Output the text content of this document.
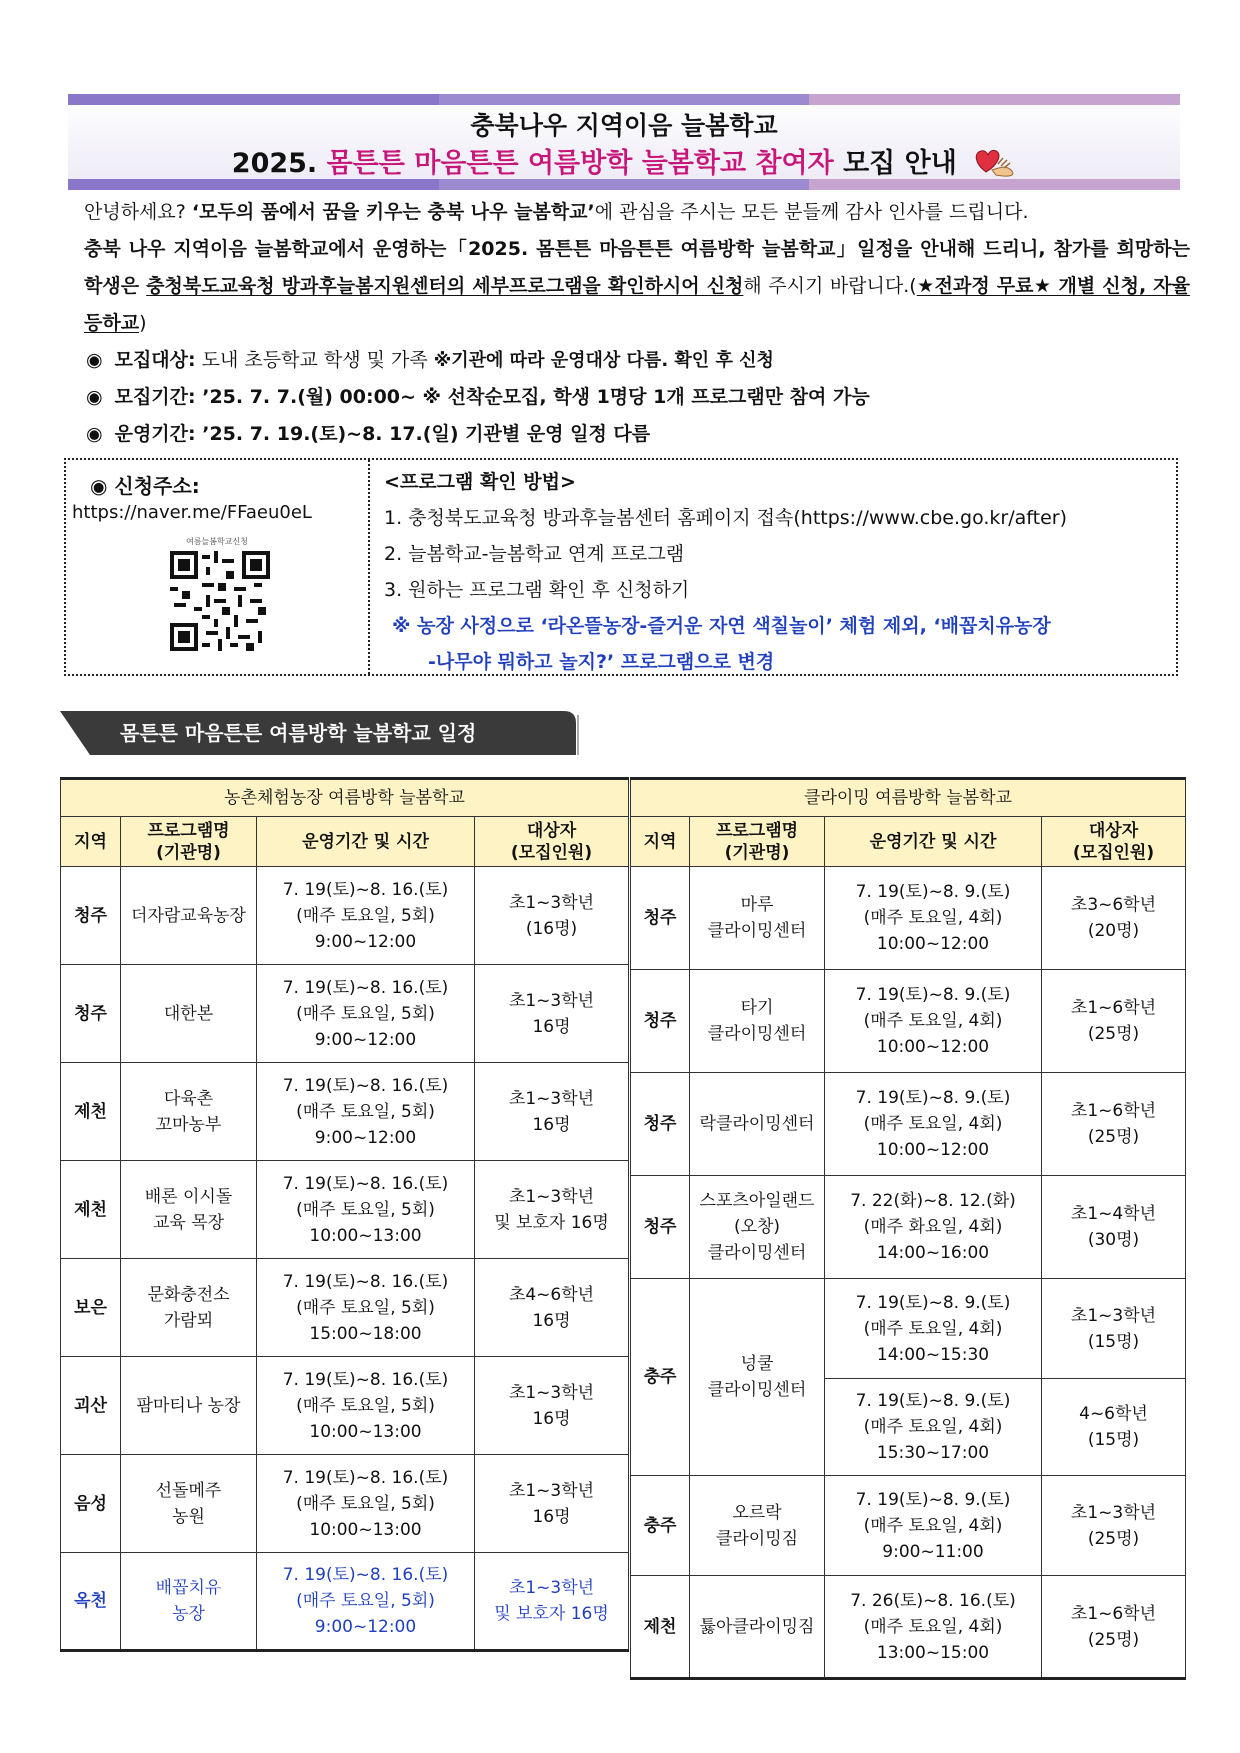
충북나우 지역이음 늘봄학교
2025. 몸튼튼 마음튼튼 여름방학 늘봄학교 참여자 모집 안내

안녕하세요? ‘모두의 품에서 꿈을 키우는 충북 나우 늘봄학교’에 관심을 주시는 모든 분들께 감사 인사를 드립니다.

충북 나우 지역이음 늘봄학교에서 운영하는「2025. 몸튼튼 마음튼튼 여름방학 늘봄학교」일정을 안내해 드리니, 참가를 희망하는 학생은 충청북도교육청 방과후늘봄지원센터의 세부프로그램을 확인하시어 신청해 주시기 바랍니다.(★전과정 무료★ 개별 신청, 자율 등하교)

◉ 모집대상: 도내 초등학교 학생 및 가족 ※기관에 따라 운영대상 다름. 확인 후 신청
◉ 모집기간: ’25. 7. 7.(월) 00:00~ ※ 선착순모집, 학생 1명당 1개 프로그램만 참여 가능
◉ 운영기간: ’25. 7. 19.(토)~8. 17.(일) 기관별 운영 일정 다름
◉ 신청주소:
https://naver.me/FFaeu0eL
여름늘봄학교신청
<프로그램 확인 방법>
1. 충청북도교육청 방과후늘봄센터 홈페이지 접속(https://www.cbe.go.kr/after)
2. 늘봄학교-늘봄학교 연계 프로그램
3. 원하는 프로그램 확인 후 신청하기
※ 농장 사정으로 ‘라온뜰농장-즐거운 자연 색칠놀이’ 체험 제외, ‘배꼽치유농장
-나무야 뭐하고 놀지?’ 프로그램으로 변경
몸튼튼 마음튼튼 여름방학 늘봄학교 일정
농촌체험농장 여름방학 늘봄학교			
지역	프로그램명
(기관명)	운영기간 및 시간	대상자
(모집인원)
청주	더자람교육농장	7. 19(토)~8. 16.(토)
(매주 토요일, 5회)
9:00~12:00	초1~3학년
(16명)
청주	대한본	7. 19(토)~8. 16.(토)
(매주 토요일, 5회)
9:00~12:00	초1~3학년
16명
제천	다육촌
꼬마농부	7. 19(토)~8. 16.(토)
(매주 토요일, 5회)
9:00~12:00	초1~3학년
16명
제천	배론 이시돌
교육 목장	7. 19(토)~8. 16.(토)
(매주 토요일, 5회)
10:00~13:00	초1~3학년
및 보호자 16명
보은	문화충전소
가람뫼	7. 19(토)~8. 16.(토)
(매주 토요일, 5회)
15:00~18:00	초4~6학년
16명
괴산	팜마티나 농장	7. 19(토)~8. 16.(토)
(매주 토요일, 5회)
10:00~13:00	초1~3학년
16명
음성	선돌메주
농원	7. 19(토)~8. 16.(토)
(매주 토요일, 5회)
10:00~13:00	초1~3학년
16명
옥천	배꼽치유
농장	7. 19(토)~8. 16.(토)
(매주 토요일, 5회)
9:00~12:00	초1~3학년
및 보호자 16명
클라이밍 여름방학 늘봄학교			
지역	프로그램명
(기관명)	운영기간 및 시간	대상자
(모집인원)
청주	마루
클라이밍센터	7. 19(토)~8. 9.(토)
(매주 토요일, 4회)
10:00~12:00	초3~6학년
(20명)
청주	타기
클라이밍센터	7. 19(토)~8. 9.(토)
(매주 토요일, 4회)
10:00~12:00	초1~6학년
(25명)
청주	락클라이밍센터	7. 19(토)~8. 9.(토)
(매주 토요일, 4회)
10:00~12:00	초1~6학년
(25명)
청주	스포츠아일랜드
(오창)
클라이밍센터	7. 22(화)~8. 12.(화)
(매주 화요일, 4회)
14:00~16:00	초1~4학년
(30명)
충주	넝쿨
클라이밍센터	7. 19(토)~8. 9.(토)
(매주 토요일, 4회)
14:00~15:30	초1~3학년
(15명)
		7. 19(토)~8. 9.(토)
(매주 토요일, 4회)
15:30~17:00	4~6학년
(15명)
충주	오르락
클라이밍짐	7. 19(토)~8. 9.(토)
(매주 토요일, 4회)
9:00~11:00	초1~3학년
(25명)
제천	튫아클라이밍짐	7. 26(토)~8. 16.(토)
(매주 토요일, 4회)
13:00~15:00	초1~6학년
(25명)
